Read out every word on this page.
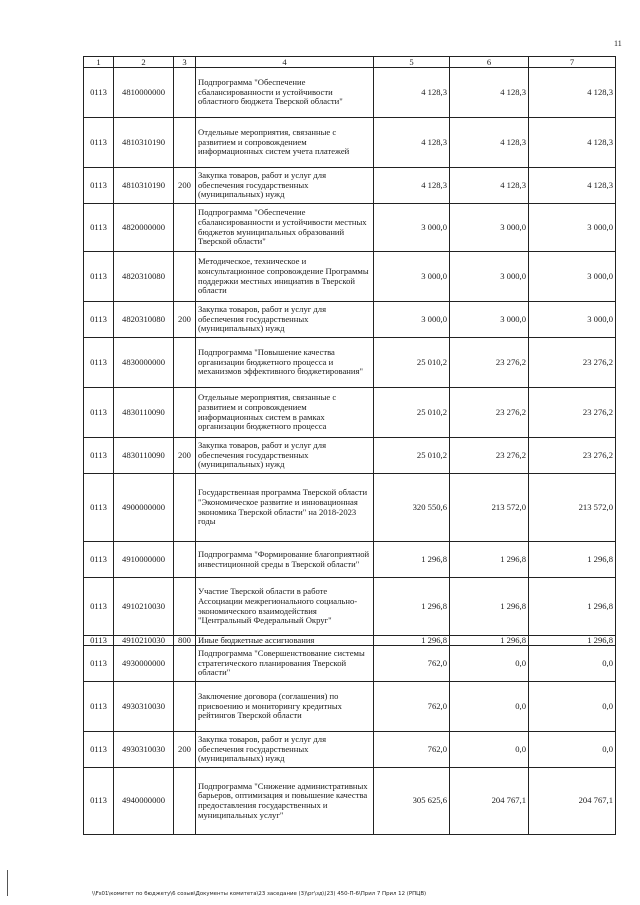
11
1	2	3	4	5	6	7
0113	4810000000		Подпрограмма "Обеспечение сбалансированности и устойчивости областного бюджета Тверской области"	4 128,3	4 128,3	4 128,3
0113	4810310190		Отдельные мероприятия, связанные с развитием и сопровождением информационных систем учета платежей	4 128,3	4 128,3	4 128,3
0113	4810310190	200	Закупка товаров, работ и услуг для обеспечения государственных (муниципальных) нужд	4 128,3	4 128,3	4 128,3
0113	4820000000		Подпрограмма "Обеспечение сбалансированности и устойчивости местных бюджетов муниципальных образований Тверской области"	3 000,0	3 000,0	3 000,0
0113	4820310080		Методическое, техническое и консультационное сопровождение Программы поддержки местных инициатив в Тверской области	3 000,0	3 000,0	3 000,0
0113	4820310080	200	Закупка товаров, работ и услуг для обеспечения государственных (муниципальных) нужд	3 000,0	3 000,0	3 000,0
0113	4830000000		Подпрограмма "Повышение качества организации бюджетного процесса и механизмов эффективного бюджетирования"	25 010,2	23 276,2	23 276,2
0113	4830110090		Отдельные мероприятия, связанные с развитием и сопровождением информационных систем в рамках организации бюджетного процесса	25 010,2	23 276,2	23 276,2
0113	4830110090	200	Закупка товаров, работ и услуг для обеспечения государственных (муниципальных) нужд	25 010,2	23 276,2	23 276,2
0113	4900000000		Государственная программа Тверской области "Экономическое развитие и инновационная экономика Тверской области" на 2018-2023 годы	320 550,6	213 572,0	213 572,0
0113	4910000000		Подпрограмма "Формирование благоприятной инвестиционной среды в Тверской области"	1 296,8	1 296,8	1 296,8
0113	4910210030		Участие Тверской области в работе Ассоциации межрегионального социально-экономического взаимодействия "Центральный Федеральный Округ"	1 296,8	1 296,8	1 296,8
0113	4910210030	800	Иные бюджетные ассигнования	1 296,8	1 296,8	1 296,8
0113	4930000000		Подпрограмма "Совершенствование системы стратегического планирования Тверской области"	762,0	0,0	0,0
0113	4930310030		Заключение договора (соглашения) по присвоению и мониторингу кредитных рейтингов Тверской области	762,0	0,0	0,0
0113	4930310030	200	Закупка товаров, работ и услуг для обеспечения государственных (муниципальных) нужд	762,0	0,0	0,0
0113	4940000000		Подпрограмма "Снижение административных барьеров, оптимизация и повышение качества предоставления государственных и муниципальных услуг"	305 625,6	204 767,1	204 767,1
\\Fs01\комитет по бюджету\6 созыв\Документы комитета\23 заседание (3)\рг\зд\(23) 450-П-6\Прил 7 Прил 12 (РПЦВ)
